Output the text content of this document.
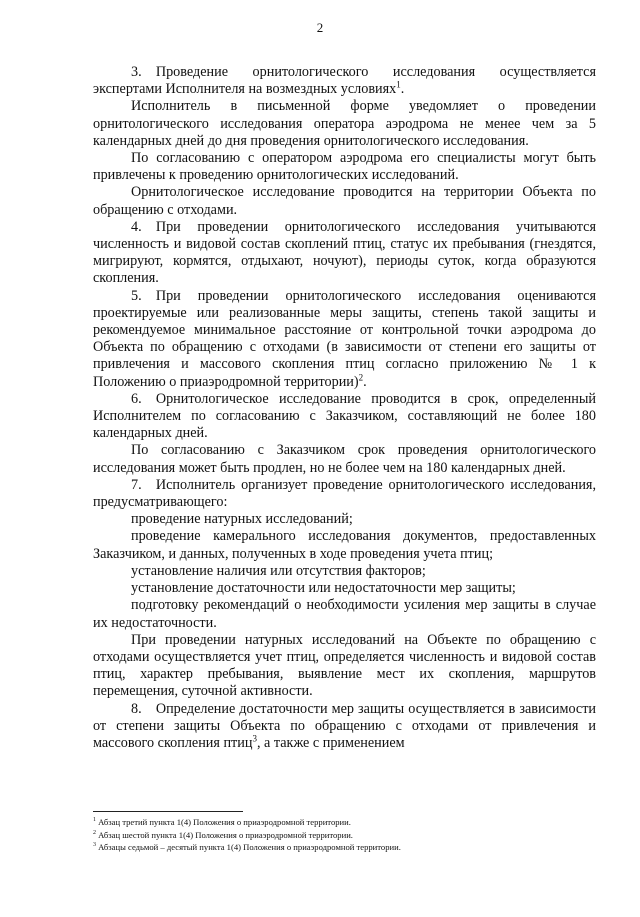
2

3. Проведение орнитологического исследования осуществляется экспертами Исполнителя на возмездных условиях$^1$.

Исполнитель в письменной форме уведомляет о проведении орнитологического исследования оператора аэродрома не менее чем за 5 календарных дней до дня проведения орнитологического исследования.

По согласованию с оператором аэродрома его специалисты могут быть привлечены к проведению орнитологических исследований.

Орнитологическое исследование проводится на территории Объекта по обращению с отходами.

4. При проведении орнитологического исследования учитываются численность и видовой состав скоплений птиц, статус их пребывания (гнездятся, мигрируют, кормятся, отдыхают, ночуют), периоды суток, когда образуются скопления.

5. При проведении орнитологического исследования оцениваются проектируемые или реализованные меры защиты, степень такой защиты и рекомендуемое минимальное расстояние от контрольной точки аэродрома до Объекта по обращению с отходами (в зависимости от степени его защиты от привлечения и массового скопления птиц согласно приложению № 1 к Положению о приаэродромной территории)$^2$.

6. Орнитологическое исследование проводится в срок, определенный Исполнителем по согласованию с Заказчиком, составляющий не более 180 календарных дней.

По согласованию с Заказчиком срок проведения орнитологического исследования может быть продлен, но не более чем на 180 календарных дней.

7. Исполнитель организует проведение орнитологического исследования, предусматривающего:

проведение натурных исследований;

проведение камерального исследования документов, предоставленных Заказчиком, и данных, полученных в ходе проведения учета птиц;

установление наличия или отсутствия факторов;

установление достаточности или недостаточности мер защиты;

подготовку рекомендаций о необходимости усиления мер защиты в случае их недостаточности.

При проведении натурных исследований на Объекте по обращению с отходами осуществляется учет птиц, определяется численность и видовой состав птиц, характер пребывания, выявление мест их скопления, маршрутов перемещения, суточной активности.

8. Определение достаточности мер защиты осуществляется в зависимости от степени защиты Объекта по обращению с отходами от привлечения и массового скопления птиц$^3$, а также с применением

$^1$ Абзац третий пункта 1(4) Положения о приаэродромной территории.
$^2$ Абзац шестой пункта 1(4) Положения о приаэродромной территории.
$^3$ Абзацы седьмой – десятый пункта 1(4) Положения о приаэродромной территории.
